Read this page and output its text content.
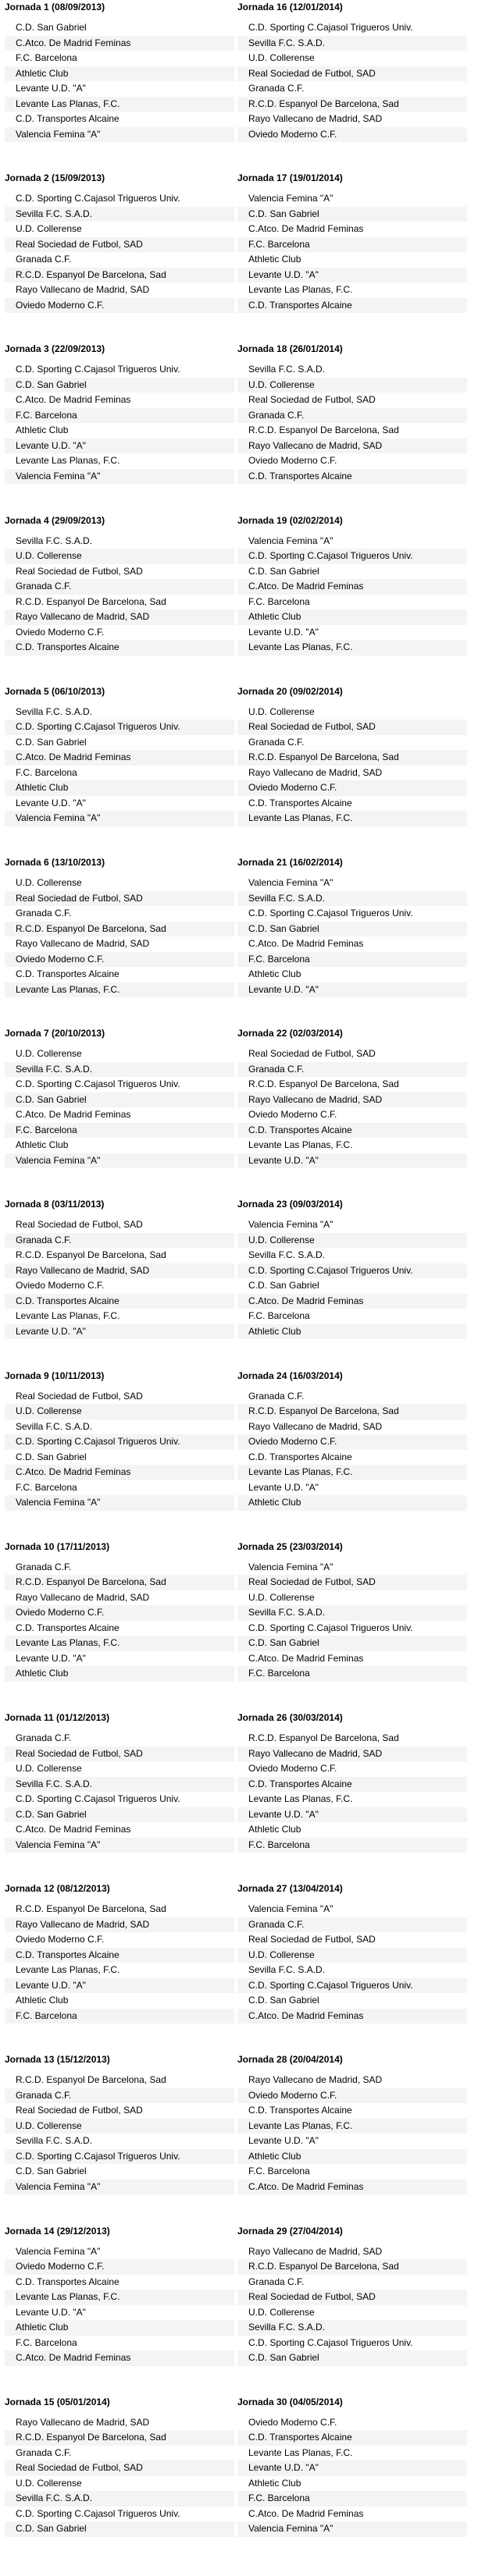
Jornada 1 (08/09/2013)
C.D. San Gabriel
C.Atco. De Madrid Feminas
F.C. Barcelona
Athletic Club
Levante U.D. "A"
Levante Las Planas, F.C.
C.D. Transportes Alcaine
Valencia Femina "A"
Jornada 16 (12/01/2014)
C.D. Sporting C.Cajasol Trigueros Univ.
Sevilla F.C. S.A.D.
U.D. Collerense
Real Sociedad de Futbol, SAD
Granada C.F.
R.C.D. Espanyol De Barcelona, Sad
Rayo Vallecano de Madrid, SAD
Oviedo Moderno C.F.
Jornada 2 (15/09/2013)
C.D. Sporting C.Cajasol Trigueros Univ.
Sevilla F.C. S.A.D.
U.D. Collerense
Real Sociedad de Futbol, SAD
Granada C.F.
R.C.D. Espanyol De Barcelona, Sad
Rayo Vallecano de Madrid, SAD
Oviedo Moderno C.F.
Jornada 17 (19/01/2014)
Valencia Femina "A"
C.D. San Gabriel
C.Atco. De Madrid Feminas
F.C. Barcelona
Athletic Club
Levante U.D. "A"
Levante Las Planas, F.C.
C.D. Transportes Alcaine
Jornada 3 (22/09/2013)
C.D. Sporting C.Cajasol Trigueros Univ.
C.D. San Gabriel
C.Atco. De Madrid Feminas
F.C. Barcelona
Athletic Club
Levante U.D. "A"
Levante Las Planas, F.C.
Valencia Femina "A"
Jornada 18 (26/01/2014)
Sevilla F.C. S.A.D.
U.D. Collerense
Real Sociedad de Futbol, SAD
Granada C.F.
R.C.D. Espanyol De Barcelona, Sad
Rayo Vallecano de Madrid, SAD
Oviedo Moderno C.F.
C.D. Transportes Alcaine
Jornada 4 (29/09/2013)
Sevilla F.C. S.A.D.
U.D. Collerense
Real Sociedad de Futbol, SAD
Granada C.F.
R.C.D. Espanyol De Barcelona, Sad
Rayo Vallecano de Madrid, SAD
Oviedo Moderno C.F.
C.D. Transportes Alcaine
Jornada 19 (02/02/2014)
Valencia Femina "A"
C.D. Sporting C.Cajasol Trigueros Univ.
C.D. San Gabriel
C.Atco. De Madrid Feminas
F.C. Barcelona
Athletic Club
Levante U.D. "A"
Levante Las Planas, F.C.
Jornada 5 (06/10/2013)
Sevilla F.C. S.A.D.
C.D. Sporting C.Cajasol Trigueros Univ.
C.D. San Gabriel
C.Atco. De Madrid Feminas
F.C. Barcelona
Athletic Club
Levante U.D. "A"
Valencia Femina "A"
Jornada 20 (09/02/2014)
U.D. Collerense
Real Sociedad de Futbol, SAD
Granada C.F.
R.C.D. Espanyol De Barcelona, Sad
Rayo Vallecano de Madrid, SAD
Oviedo Moderno C.F.
C.D. Transportes Alcaine
Levante Las Planas, F.C.
Jornada 6 (13/10/2013)
U.D. Collerense
Real Sociedad de Futbol, SAD
Granada C.F.
R.C.D. Espanyol De Barcelona, Sad
Rayo Vallecano de Madrid, SAD
Oviedo Moderno C.F.
C.D. Transportes Alcaine
Levante Las Planas, F.C.
Jornada 21 (16/02/2014)
Valencia Femina "A"
Sevilla F.C. S.A.D.
C.D. Sporting C.Cajasol Trigueros Univ.
C.D. San Gabriel
C.Atco. De Madrid Feminas
F.C. Barcelona
Athletic Club
Levante U.D. "A"
Jornada 7 (20/10/2013)
U.D. Collerense
Sevilla F.C. S.A.D.
C.D. Sporting C.Cajasol Trigueros Univ.
C.D. San Gabriel
C.Atco. De Madrid Feminas
F.C. Barcelona
Athletic Club
Valencia Femina "A"
Jornada 22 (02/03/2014)
Real Sociedad de Futbol, SAD
Granada C.F.
R.C.D. Espanyol De Barcelona, Sad
Rayo Vallecano de Madrid, SAD
Oviedo Moderno C.F.
C.D. Transportes Alcaine
Levante Las Planas, F.C.
Levante U.D. "A"
Jornada 8 (03/11/2013)
Real Sociedad de Futbol, SAD
Granada C.F.
R.C.D. Espanyol De Barcelona, Sad
Rayo Vallecano de Madrid, SAD
Oviedo Moderno C.F.
C.D. Transportes Alcaine
Levante Las Planas, F.C.
Levante U.D. "A"
Jornada 23 (09/03/2014)
Valencia Femina "A"
U.D. Collerense
Sevilla F.C. S.A.D.
C.D. Sporting C.Cajasol Trigueros Univ.
C.D. San Gabriel
C.Atco. De Madrid Feminas
F.C. Barcelona
Athletic Club
Jornada 9 (10/11/2013)
Real Sociedad de Futbol, SAD
U.D. Collerense
Sevilla F.C. S.A.D.
C.D. Sporting C.Cajasol Trigueros Univ.
C.D. San Gabriel
C.Atco. De Madrid Feminas
F.C. Barcelona
Valencia Femina "A"
Jornada 24 (16/03/2014)
Granada C.F.
R.C.D. Espanyol De Barcelona, Sad
Rayo Vallecano de Madrid, SAD
Oviedo Moderno C.F.
C.D. Transportes Alcaine
Levante Las Planas, F.C.
Levante U.D. "A"
Athletic Club
Jornada 10 (17/11/2013)
Granada C.F.
R.C.D. Espanyol De Barcelona, Sad
Rayo Vallecano de Madrid, SAD
Oviedo Moderno C.F.
C.D. Transportes Alcaine
Levante Las Planas, F.C.
Levante U.D. "A"
Athletic Club
Jornada 25 (23/03/2014)
Valencia Femina "A"
Real Sociedad de Futbol, SAD
U.D. Collerense
Sevilla F.C. S.A.D.
C.D. Sporting C.Cajasol Trigueros Univ.
C.D. San Gabriel
C.Atco. De Madrid Feminas
F.C. Barcelona
Jornada 11 (01/12/2013)
Granada C.F.
Real Sociedad de Futbol, SAD
U.D. Collerense
Sevilla F.C. S.A.D.
C.D. Sporting C.Cajasol Trigueros Univ.
C.D. San Gabriel
C.Atco. De Madrid Feminas
Valencia Femina "A"
Jornada 26 (30/03/2014)
R.C.D. Espanyol De Barcelona, Sad
Rayo Vallecano de Madrid, SAD
Oviedo Moderno C.F.
C.D. Transportes Alcaine
Levante Las Planas, F.C.
Levante U.D. "A"
Athletic Club
F.C. Barcelona
Jornada 12 (08/12/2013)
R.C.D. Espanyol De Barcelona, Sad
Rayo Vallecano de Madrid, SAD
Oviedo Moderno C.F.
C.D. Transportes Alcaine
Levante Las Planas, F.C.
Levante U.D. "A"
Athletic Club
F.C. Barcelona
Jornada 27 (13/04/2014)
Valencia Femina "A"
Granada C.F.
Real Sociedad de Futbol, SAD
U.D. Collerense
Sevilla F.C. S.A.D.
C.D. Sporting C.Cajasol Trigueros Univ.
C.D. San Gabriel
C.Atco. De Madrid Feminas
Jornada 13 (15/12/2013)
R.C.D. Espanyol De Barcelona, Sad
Granada C.F.
Real Sociedad de Futbol, SAD
U.D. Collerense
Sevilla F.C. S.A.D.
C.D. Sporting C.Cajasol Trigueros Univ.
C.D. San Gabriel
Valencia Femina "A"
Jornada 28 (20/04/2014)
Rayo Vallecano de Madrid, SAD
Oviedo Moderno C.F.
C.D. Transportes Alcaine
Levante Las Planas, F.C.
Levante U.D. "A"
Athletic Club
F.C. Barcelona
C.Atco. De Madrid Feminas
Jornada 14 (29/12/2013)
Valencia Femina "A"
Oviedo Moderno C.F.
C.D. Transportes Alcaine
Levante Las Planas, F.C.
Levante U.D. "A"
Athletic Club
F.C. Barcelona
C.Atco. De Madrid Feminas
Jornada 29 (27/04/2014)
Rayo Vallecano de Madrid, SAD
R.C.D. Espanyol De Barcelona, Sad
Granada C.F.
Real Sociedad de Futbol, SAD
U.D. Collerense
Sevilla F.C. S.A.D.
C.D. Sporting C.Cajasol Trigueros Univ.
C.D. San Gabriel
Jornada 15 (05/01/2014)
Rayo Vallecano de Madrid, SAD
R.C.D. Espanyol De Barcelona, Sad
Granada C.F.
Real Sociedad de Futbol, SAD
U.D. Collerense
Sevilla F.C. S.A.D.
C.D. Sporting C.Cajasol Trigueros Univ.
C.D. San Gabriel
Jornada 30 (04/05/2014)
Oviedo Moderno C.F.
C.D. Transportes Alcaine
Levante Las Planas, F.C.
Levante U.D. "A"
Athletic Club
F.C. Barcelona
C.Atco. De Madrid Feminas
Valencia Femina "A"
